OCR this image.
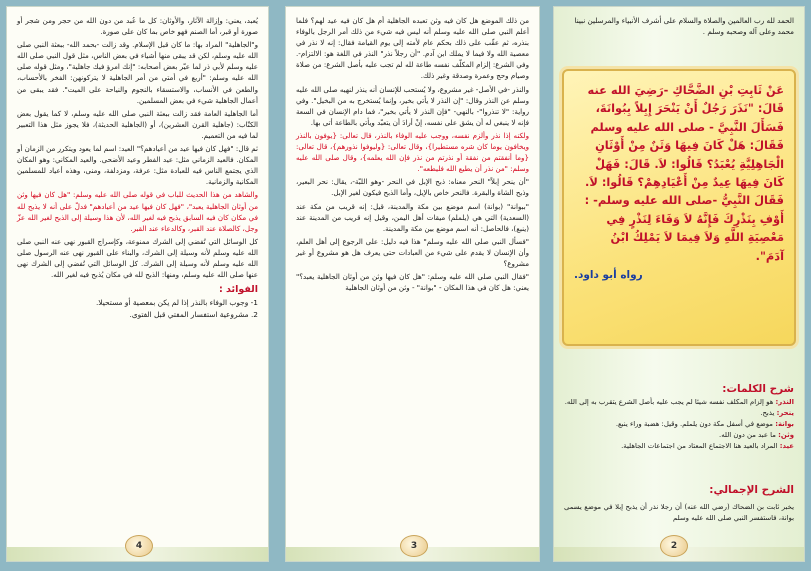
يُعبد، يعني: وإزالة الآثار، والأوثان: كل ما عُبد من دون الله من حجر ومن شجر أو صورة أو قبر، أما الصنم فهو خاص بما كان على صورة.

و"الجاهلية" المراد بها: ما كان قبل الإسلام. وقد زالت -بحمد الله- ببعثة النبي صلى الله عليه وسلم، لكن قد يبقى منها أشياء في بعض الناس، مثل قول النبي صلى الله عليه وسلم لأبي ذر لما عيّر بعض أصحابه: "إنك امرؤ فيك جاهلية"، ومثل قوله صلى الله عليه وسلم: "أربع في أمتي من أمر الجاهلية لا يتركونهن: الفخر بالأحساب، والطعن في الأنساب، والاستسقاء بالنجوم والنياحة على الميت". فقد يبقى من أعمال الجاهلية شيء في بعض المسلمين.

أما الجاهلية العامة فقد زالت ببعثة النبي صلى الله عليه وسلم، لا كما يقول بعض الكتّاب: (جاهلية القرن العشرين)، أو (الجاهلية الحديثة)، فلا يجوز مثل هذا التعبير لما فيه من التعميم.

ثم قال: "فهل كان فيها عيد من أعيادهم؟" العيد: اسم لما يعود ويتكرر من الزمان أو المكان. فالعيد الزماني مثل: عيد الفطر وعيد الأضحى. والعيد المكاني: وهو المكان الذي يجتمع الناس فيه للعبادة مثل: عرفة، ومزدلفة، ومنى، وهذه أعياد للمسلمين المكانية والزمانية.

والشاهد من هذا الحديث للباب في قوله صلى الله عليه وسلم: "هل كان فيها وثن من أوثان الجاهلية يعبد"، "فهل كان فيها عيد من أعيادهم" فدلّ على أنه لا يذبح لله في مكان كان فيه السابق يذبح فيه لغير الله، لأن هذا وسيلة إلى الذبح لغير الله عزّ وجل، كالصلاة عند القبر، وكالدعاء عند القبر.

كل الوسائل التي تُفضي إلى الشرك ممنوعة، وكإسراج القبور نهى عنه النبي صلى الله عليه وسلم لأنه وسيلة إلى الشرك، والبناء على القبور نهى عنه الرسول صلى الله عليه وسلم لأنه وسيلة إلى الشرك. كل الوسائل التي تُفضي إلى الشرك نهى عنها صلى الله عليه وسلم، ومنها: الذبح لله في مكان يُذبح فيه لغير الله.

الفوائد :
1- وجوب الوفاء بالنذر إذا لم يكن بمعصية أو مستحيلا.
2. مشروعية استفسار المفتي قبل الفتوى.
4

من ذلك الموضع هل كان فيه وثن تعبده الجاهلية أم هل كان فيه عيد لهم؟ فلما أعلم النبي صلى الله عليه وسلم أنه ليس فيه شيء من ذلك أمر الرجل بالوفاء بنذره، ثم عقّب على ذلك بحكم عام لأمته إلى يوم القيامة فقال: إنه لا نذر في معصية الله ولا فيما لا يملك ابن آدم. "أن رجلاً نذر" النذر في اللغة هو: الالتزام-. وفي الشرع: إلزام المكلّف نفسه طاعة لله لم تجب عليه بأصل الشرع: من صلاة وصيام وحج وعمرة وصدقة وغير ذلك.

والنذر -في الأصل- غير مشروع، ولا يُستحب للإنسان أنه ينذر لنهيه صلى الله عليه وسلم عن النذر وقال: "إن النذر لا يأتي بخير، وإنما يُستخرج به من البخيل". وفي رواية: "لا تنذروا"- بالنهي- "فإن النذر لا يأتي بخير"، فما دام الإنسان في السعة فإنه لا ينبغي له أن يشق على نفسه، إنْ أرادَ أن يتعبّد ويأتي بالطاعة أتى بها.

ولكنه إذا نذر وألزم نفسه، ووجب عليه الوفاء بالنذر، قال تعالى: {يوفون بالنذر ويخافون يوما كان شره مستطيرا}، وقال تعالى: {وليوفوا نذورهم}، قال تعالى: {وما أنفقتم من نفقة أو نذرتم من نذر فإن الله يعلمه}، وقال صلى الله عليه وسلم: "من نذر أن يطيع الله فليطعه".

"أن ينحر إبلاً" النحر معناه: ذبح الإبل في النحر -وهو اللبّة-، يقال: نحر البعير، وذبح الشاة والبقرة. فالنحر خاص بالإبل، وأما الذبح فيكون لغير الإبل.

"ببوانة" (بوانة) اسم موضع بين مكة والمدينة، قيل: إنه قريب من مكة عند (السعدية) التي هي (يلملم) ميقات أهل اليمن، وقيل إنه قريب من المدينة عند (ينبع)، فالحاصل: أنه اسم موضع بين مكة والمدينة.

"فسأل النبي صلى الله عليه وسلم" هذا فيه دليل: على الرجوع إلى أهل العلم، وأن الإنسان لا يقدم على شيء من العبادات حتى يعرف هل هو مشروع أو غير مشروع؟

"فقال النبي صلى الله عليه وسلم: "هل كان فيها وثن من أوثان الجاهلية يعبد؟" يعني: هل كان في هذا المكان - "بوانة" - وثن من أوثان الجاهلية

3
الحمد لله رب العالمين والصلاة والسلام على أشرف الأنبياء والمرسلين نبينا محمد وعلى آله وصحبه وسلم .
عَنْ ثَابِتِ بْنِ الضَّحَّاكِ -رَضِيَ الله عنه
قَالَ: "نَذَرَ رَجُلٌ أَنْ يَنْحَرَ إِبِلاً بِبُوانَةَ،
فَسَأَلَ النَّبِيَّ - صلى الله عليه وسلم
فَقَالَ: هَلْ كَانَ فِيهَا وَثَنٌ مِنْ أَوْثَانِ
الْجَاهِلِيَّةِ يُعْبَدُ؟ قَالُوا: لاَ. قَالَ: فَهَلْ
كَانَ فِيهَا عِيدٌ مِنْ أَعْيَادِهِمْ؟ قَالُوا: لاَ.
فَقَالَ النَّبِيُّ -صلى الله عليه وسلم- :
أَوْفِ بِنَذْرِكَ فَإِنَّهُ لاَ وَفَاءَ لِنَذْرٍ فِي
مَعْصِيَةِ اللَّهِ وَلاَ فِيمَا لاَ يَمْلِكُ ابْنُ
آدَمَ".
رواه أبو داود.
شرح الكلمات:
النذر: هو إلزام المكلف نفسه شيئا لم يجب عليه بأصل الشرع يتقرب به إلى الله.
ينحر: يذبح.
بوانة: موضع في أسفل مكة دون يلملم. وقيل: هضبة وراء ينبع.
وثن: ما عبد من دون الله.
عيد: المراد بالعيد هنا الاجتماع المعتاد من اجتماعات الجاهلية.
الشرح الإجمالي:
يخبر ثابت بن الضحاك (رضي الله عنه) أن رجلا نذر أن يذبح إبلا في موضع يسمى بوانة، فاستفسر النبي صلى الله عليه وسلم
2
